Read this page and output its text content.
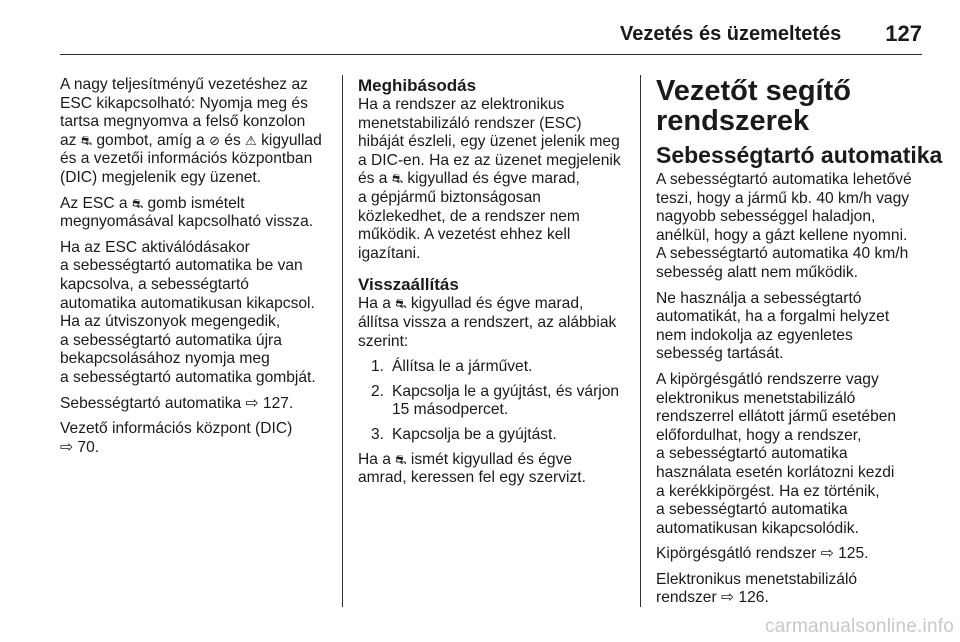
Vezetés és üzemeltetés 127

A nagy teljesítményű vezetéshez az
ESC kikapcsolható: Nyomja meg és
tartsa megnyomva a felső konzolon
az ⛐ gombot, amíg a ⊘ és ⚠ kigyullad
és a vezetői információs központban
(DIC) megjelenik egy üzenet.

Az ESC a ⛐ gomb ismételt
megnyomásával kapcsolható vissza.

Ha az ESC aktiválódásakor
a sebességtartó automatika be van
kapcsolva, a sebességtartó
automatika automatikusan kikapcsol.
Ha az útviszonyok megengedik,
a sebességtartó automatika újra
bekapcsolásához nyomja meg
a sebességtartó automatika gombját.

Sebességtartó automatika ⇨ 127.

Vezető információs központ (DIC)
⇨ 70.

Meghibásodás

Ha a rendszer az elektronikus
menetstabilizáló rendszer (ESC)
hibáját észleli, egy üzenet jelenik meg
a DIC-en. Ha ez az üzenet megjelenik
és a ⛐ kigyullad és égve marad,
a gépjármű biztonságosan
közlekedhet, de a rendszer nem
működik. A vezetést ehhez kell
igazítani.

Visszaállítás

Ha a ⛐ kigyullad és égve marad,
állítsa vissza a rendszert, az alábbiak
szerint:

1. Állítsa le a járművet.
2. Kapcsolja le a gyújtást, és várjon
15 másodpercet.
3. Kapcsolja be a gyújtást.

Ha a ⛐ ismét kigyullad és égve
amrad, keressen fel egy szervizt.

Vezetőt segítő
rendszerek
Sebességtartó automatika

A sebességtartó automatika lehetővé
teszi, hogy a jármű kb. 40 km/h vagy
nagyobb sebességgel haladjon,
anélkül, hogy a gázt kellene nyomni.
A sebességtartó automatika 40 km/h
sebesség alatt nem működik.

Ne használja a sebességtartó
automatikát, ha a forgalmi helyzet
nem indokolja az egyenletes
sebesség tartását.

A kipörgésgátló rendszerre vagy
elektronikus menetstabilizáló
rendszerrel ellátott jármű esetében
előfordulhat, hogy a rendszer,
a sebességtartó automatika
használata esetén korlátozni kezdi
a kerékkipörgést. Ha ez történik,
a sebességtartó automatika
automatikusan kikapcsolódik.

Kipörgésgátló rendszer ⇨ 125.

Elektronikus menetstabilizáló
rendszer ⇨ 126.

carmanualsonline.info
